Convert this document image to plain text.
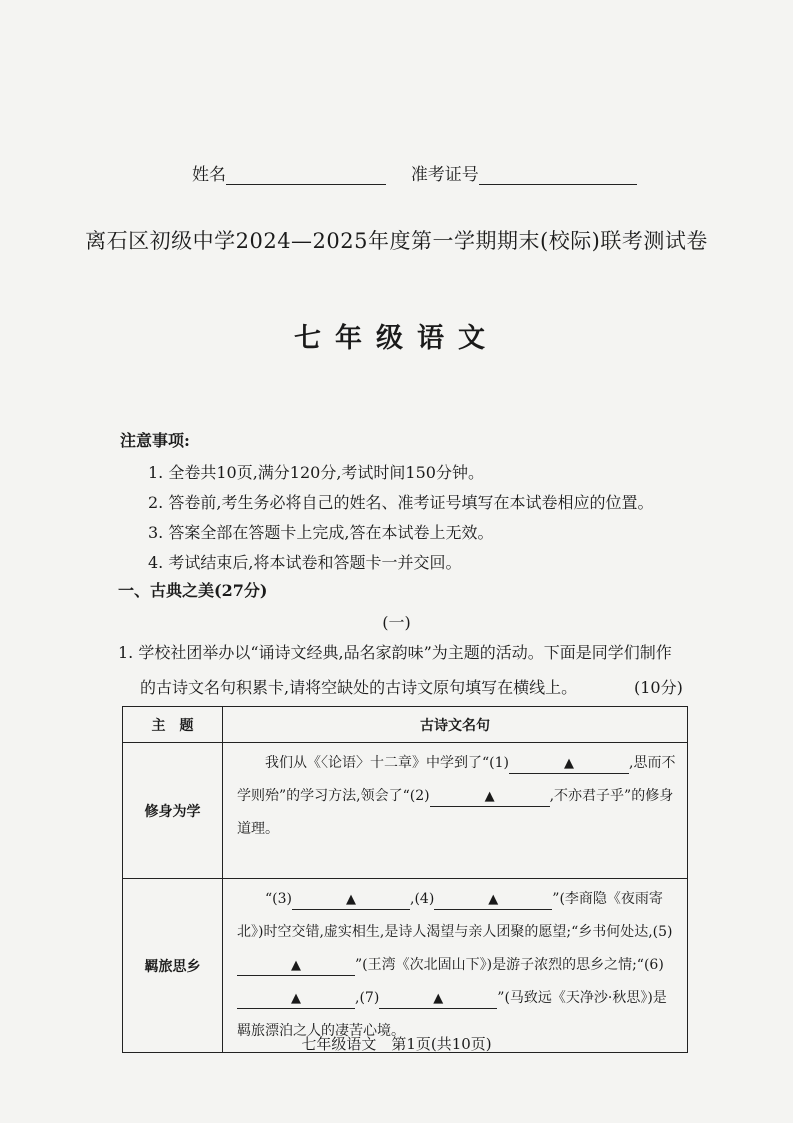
姓名	准考证号
离石区初级中学2024—2025年度第一学期期末(校际)联考测试卷
七年级语文
注意事项:
1. 全卷共10页,满分120分,考试时间150分钟。
2. 答卷前,考生务必将自己的姓名、准考证号填写在本试卷相应的位置。
3. 答案全部在答题卡上完成,答在本试卷上无效。
4. 考试结束后,将本试卷和答题卡一并交回。
一、古典之美(27分)
(一)
1. 学校社团举办以“诵诗文经典,品名家韵味”为主题的活动。下面是同学们制作
的古诗文名句积累卡,请将空缺处的古诗文原句填写在横线上。	(10分)
主　题	古诗文名句
修身为学	我们从《〈论语〉十二章》中学到了“(1) ▲ ,思而不学则殆”的学习方法,领会了“(2) ▲ ,不亦君子乎”的修身道理。
羁旅思乡	“(3) ▲ ,(4) ▲ ”(李商隐《夜雨寄北》)时空交错,虚实相生,是诗人渴望与亲人团聚的愿望;“乡书何处达,(5)▲ ”(王湾《次北固山下》)是游子浓烈的思乡之情;“(6)▲ ,(7) ▲ ”(马致远《天净沙·秋思》)是羁旅漂泊之人的凄苦心境。
七年级语文　第1页(共10页)
